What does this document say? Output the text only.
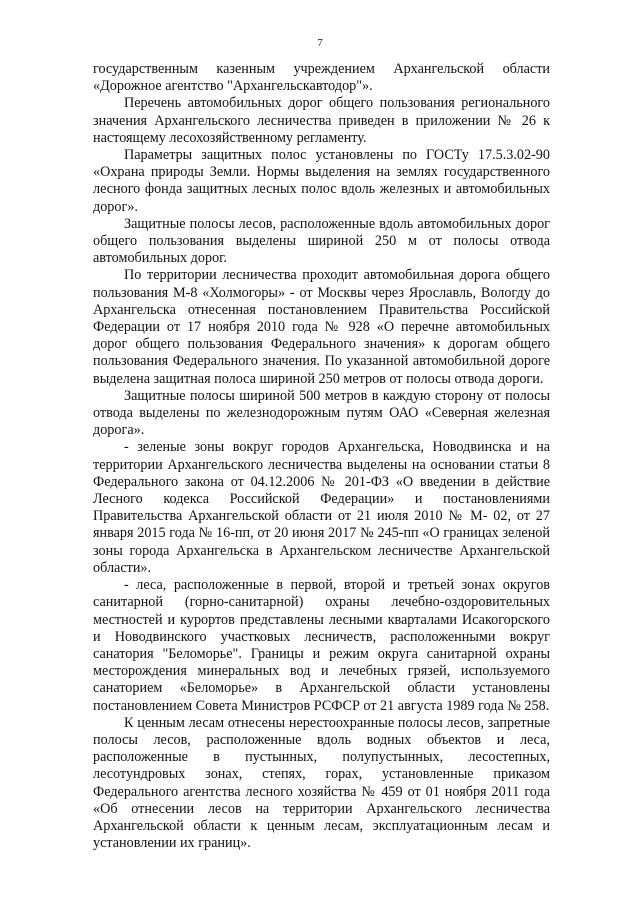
7

государственным казенным учреждением Архангельской области «Дорожное агентство "Архангельскавтодор"».

Перечень автомобильных дорог общего пользования регионального значения Архангельского лесничества приведен в приложении № 26 к настоящему лесохозяйственному регламенту.

Параметры защитных полос установлены по ГОСТу 17.5.3.02-90 «Охрана природы Земли. Нормы выделения на землях государственного лесного фонда защитных лесных полос вдоль железных и автомобильных дорог».

Защитные полосы лесов, расположенные вдоль автомобильных дорог общего пользования выделены шириной 250 м от полосы отвода автомобильных дорог.

По территории лесничества проходит автомобильная дорога общего пользования М-8 «Холмогоры» - от Москвы через Ярославль, Вологду до Архангельска отнесенная постановлением Правительства Российской Федерации от 17 ноября 2010 года № 928 «О перечне автомобильных дорог общего пользования Федерального значения» к дорогам общего пользования Федерального значения. По указанной автомобильной дороге выделена защитная полоса шириной 250 метров от полосы отвода дороги.

Защитные полосы шириной 500 метров в каждую сторону от полосы отвода выделены по железнодорожным путям ОАО «Северная железная дорога».

- зеленые зоны вокруг городов Архангельска, Новодвинска и на территории Архангельского лесничества выделены на основании статьи 8 Федерального закона от 04.12.2006 № 201-ФЗ «О введении в действие Лесного кодекса Российской Федерации» и постановлениями Правительства Архангельской области от 21 июля 2010 № М- 02, от 27 января 2015 года № 16-пп, от 20 июня 2017 № 245-пп «О границах зеленой зоны города Архангельска в Архангельском лесничестве Архангельской области».

- леса, расположенные в первой, второй и третьей зонах округов санитарной (горно-санитарной) охраны лечебно-оздоровительных местностей и курортов представлены лесными кварталами Исакогорского и Новодвинского участковых лесничеств, расположенными вокруг санатория "Беломорье". Границы и режим округа санитарной охраны месторождения минеральных вод и лечебных грязей, используемого санаторием «Беломорье» в Архангельской области установлены постановлением Совета Министров РСФСР от 21 августа 1989 года № 258.

К ценным лесам отнесены нерестоохранные полосы лесов, запретные полосы лесов, расположенные вдоль водных объектов и леса, расположенные в пустынных, полупустынных, лесостепных, лесотундровых зонах, степях, горах, установленные приказом Федерального агентства лесного хозяйства № 459 от 01 ноября 2011 года «Об отнесении лесов на территории Архангельского лесничества Архангельской области к ценным лесам, эксплуатационным лесам и установлении их границ».
